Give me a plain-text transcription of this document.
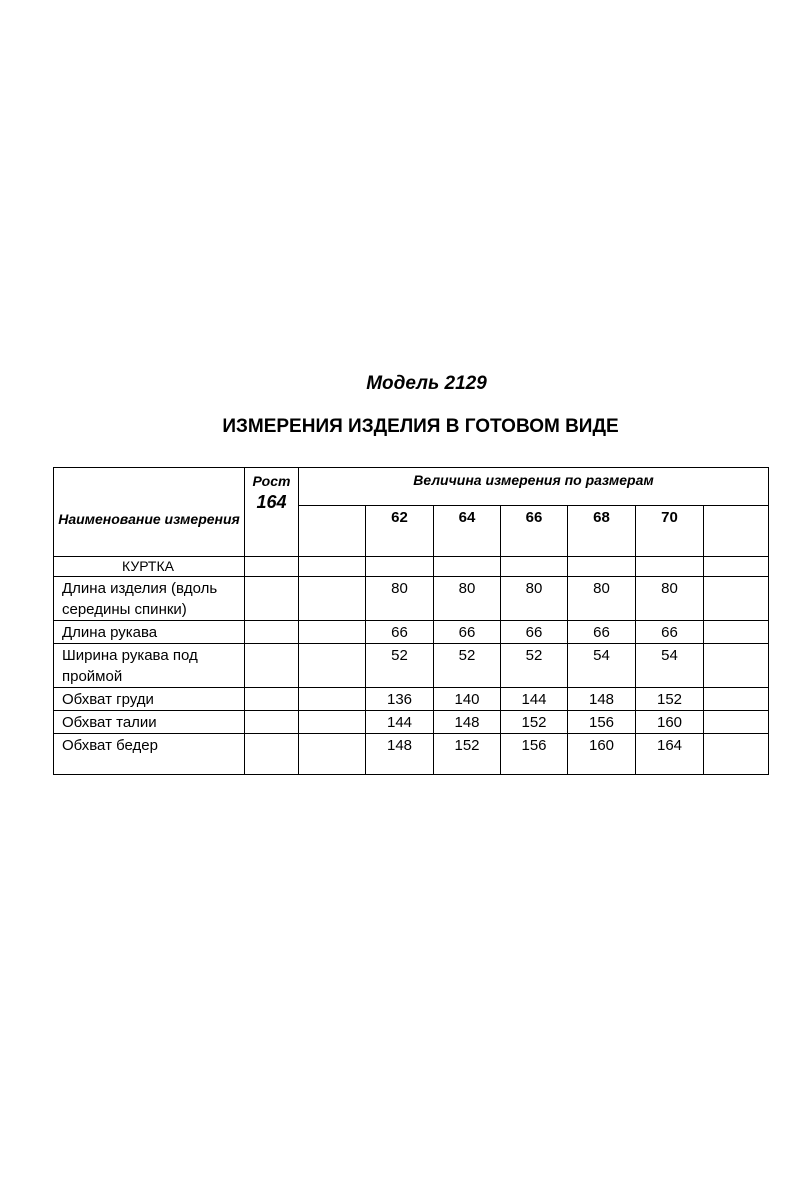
Модель 2129
ИЗМЕРЕНИЯ ИЗДЕЛИЯ В ГОТОВОМ ВИДЕ
Наименование измерения	Рост
164	Величина измерения по размерам						
			62	64	66	68	70	
КУРТКА								
Длина изделия (вдоль середины спинки)			80	80	80	80	80	
Длина рукава			66	66	66	66	66	
Ширина рукава под проймой			52	52	52	54	54	
Обхват груди			136	140	144	148	152	
Обхват талии			144	148	152	156	160	
Обхват бедер			148	152	156	160	164	
